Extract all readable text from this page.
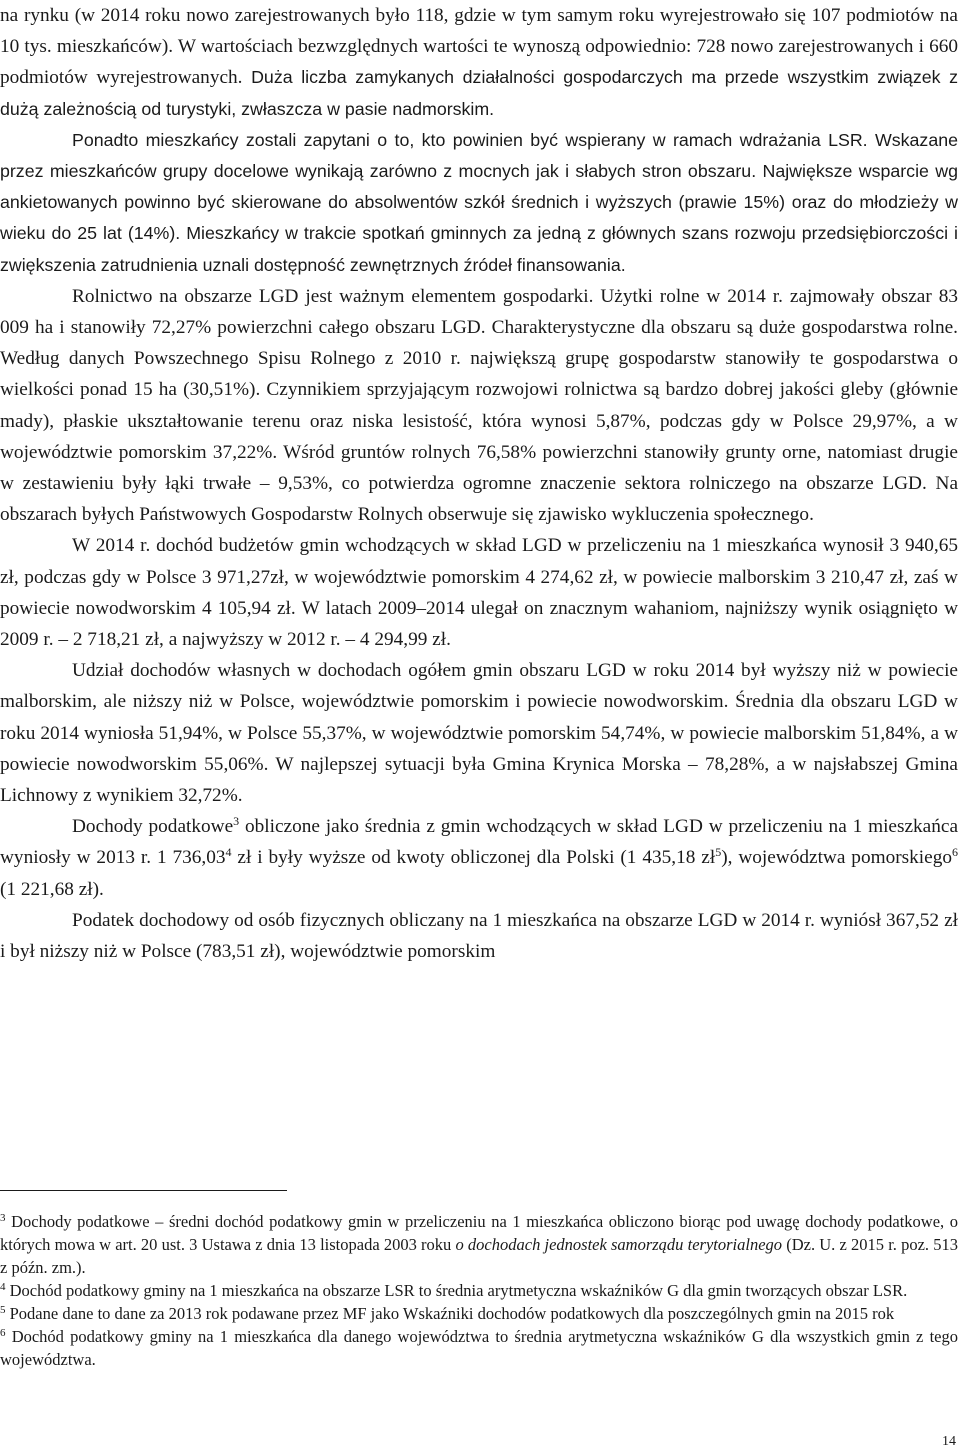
na rynku (w 2014 roku nowo zarejestrowanych było 118, gdzie w tym samym roku wyrejestrowało się 107 podmiotów na 10 tys. mieszkańców). W wartościach bezwzględnych wartości te wynoszą odpowiednio: 728 nowo zarejestrowanych i 660 podmiotów wyrejestrowanych. Duża liczba zamykanych działalności gospodarczych ma przede wszystkim związek z dużą zależnością od turystyki, zwłaszcza w pasie nadmorskim.

Ponadto mieszkańcy zostali zapytani o to, kto powinien być wspierany w ramach wdrażania LSR. Wskazane przez mieszkańców grupy docelowe wynikają zarówno z mocnych jak i słabych stron obszaru. Największe wsparcie wg ankietowanych powinno być skierowane do absolwentów szkół średnich i wyższych (prawie 15%) oraz do młodzieży w wieku do 25 lat (14%). Mieszkańcy w trakcie spotkań gminnych za jedną z głównych szans rozwoju przedsiębiorczości i zwiększenia zatrudnienia uznali dostępność zewnętrznych źródeł finansowania.

Rolnictwo na obszarze LGD jest ważnym elementem gospodarki. Użytki rolne w 2014 r. zajmowały obszar 83 009 ha i stanowiły 72,27% powierzchni całego obszaru LGD. Charakterystyczne dla obszaru są duże gospodarstwa rolne. Według danych Powszechnego Spisu Rolnego z 2010 r. największą grupę gospodarstw stanowiły te gospodarstwa o wielkości ponad 15 ha (30,51%). Czynnikiem sprzyjającym rozwojowi rolnictwa są bardzo dobrej jakości gleby (głównie mady), płaskie ukształtowanie terenu oraz niska lesistość, która wynosi 5,87%, podczas gdy w Polsce 29,97%, a w województwie pomorskim 37,22%. Wśród gruntów rolnych 76,58% powierzchni stanowiły grunty orne, natomiast drugie w zestawieniu były łąki trwałe – 9,53%, co potwierdza ogromne znaczenie sektora rolniczego na obszarze LGD. Na obszarach byłych Państwowych Gospodarstw Rolnych obserwuje się zjawisko wykluczenia społecznego.

W 2014 r. dochód budżetów gmin wchodzących w skład LGD w przeliczeniu na 1 mieszkańca wynosił 3 940,65 zł, podczas gdy w Polsce 3 971,27zł, w województwie pomorskim 4 274,62 zł, w powiecie malborskim 3 210,47 zł, zaś w powiecie nowodworskim 4 105,94 zł. W latach 2009–2014 ulegał on znacznym wahaniom, najniższy wynik osiągnięto w 2009 r. – 2 718,21 zł, a najwyższy w 2012 r. – 4 294,99 zł.

Udział dochodów własnych w dochodach ogółem gmin obszaru LGD w roku 2014 był wyższy niż w powiecie malborskim, ale niższy niż w Polsce, województwie pomorskim i powiecie nowodworskim. Średnia dla obszaru LGD w roku 2014 wyniosła 51,94%, w Polsce 55,37%, w województwie pomorskim 54,74%, w powiecie malborskim 51,84%, a w powiecie nowodworskim 55,06%. W najlepszej sytuacji była Gmina Krynica Morska – 78,28%, a w najsłabszej Gmina Lichnowy z wynikiem 32,72%.

Dochody podatkowe$^3$ obliczone jako średnia z gmin wchodzących w skład LGD w przeliczeniu na 1 mieszkańca wyniosły w 2013 r. 1 736,03$^4$ zł i były wyższe od kwoty obliczonej dla Polski (1 435,18 $zł^5$), województwa pomorskiego$^6$ (1 221,68 zł).

Podatek dochodowy od osób fizycznych obliczany na 1 mieszkańca na obszarze LGD w 2014 r. wyniósł 367,52 zł i był niższy niż w Polsce (783,51 zł), województwie pomorskim

$^3$ Dochody podatkowe – średni dochód podatkowy gmin w przeliczeniu na 1 mieszkańca obliczono biorąc pod uwagę dochody podatkowe, o których mowa w art. 20 ust. 3 Ustawa z dnia 13 listopada 2003 roku o dochodach jednostek samorządu terytorialnego (Dz. U. z 2015 r. poz. 513 z późn. zm.).

$^4$ Dochód podatkowy gminy na 1 mieszkańca na obszarze LSR to średnia arytmetyczna wskaźników G dla gmin tworzących obszar LSR.

$^5$ Podane dane to dane za 2013 rok podawane przez MF jako Wskaźniki dochodów podatkowych dla poszczególnych gmin na 2015 rok

$^6$ Dochód podatkowy gminy na 1 mieszkańca dla danego województwa to średnia arytmetyczna wskaźników G dla wszystkich gmin z tego województwa.

14
